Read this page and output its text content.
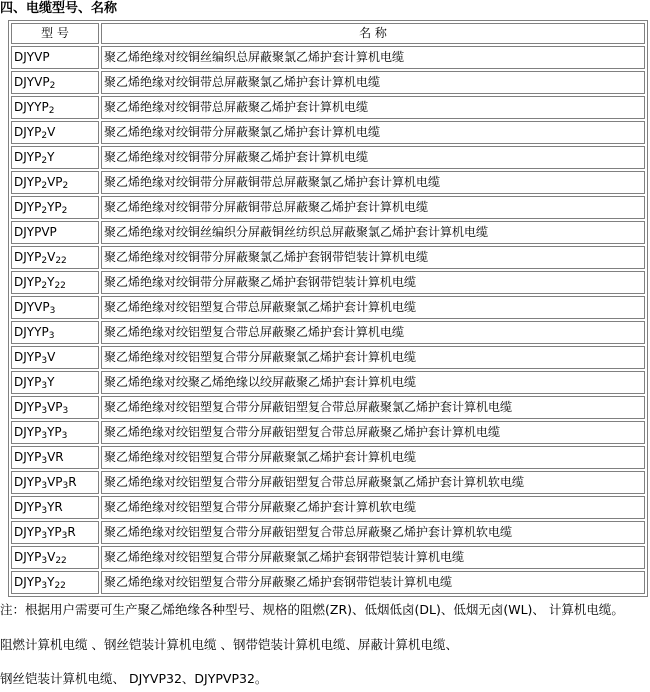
四、电缆型号、名称
型 号	名 称
DJYVP	聚乙烯绝缘对绞铜丝编织总屏蔽聚氯乙烯护套计算机电缆
$DJYVP_2$	聚乙烯绝缘对绞铜带总屏蔽聚氯乙烯护套计算机电缆
$DJYYP_2$	聚乙烯绝缘对绞铜带总屏蔽聚乙烯护套计算机电缆
$DJYP_2V$	聚乙烯绝缘对绞铜带分屏蔽聚氯乙烯护套计算机电缆
$DJYP_2Y$	聚乙烯绝缘对绞铜带分屏蔽聚乙烯护套计算机电缆
$DJYP_2VP_2$	聚乙烯绝缘对绞铜带分屏蔽铜带总屏蔽聚氯乙烯护套计算机电缆
$DJYP_2YP_2$	聚乙烯绝缘对绞铜带分屏蔽铜带总屏蔽聚乙烯护套计算机电缆
DJYPVP	聚乙烯绝缘对绞铜丝编织分屏蔽铜丝纺织总屏蔽聚氯乙烯护套计算机电缆
$DJYP_2V_{22}$	聚乙烯绝缘对绞铜带分屏蔽聚氯乙烯护套钢带铠装计算机电缆
$DJYP_2Y_{22}$	聚乙烯绝缘对绞铜带分屏蔽聚乙烯护套钢带铠装计算机电缆
$DJYVP_3$	聚乙烯绝缘对绞铝塑复合带总屏蔽聚氯乙烯护套计算机电缆
$DJYYP_3$	聚乙烯绝缘对绞铝塑复合带总屏蔽聚乙烯护套计算机电缆
$DJYP_3V$	聚乙烯绝缘对绞铝塑复合带分屏蔽聚氯乙烯护套计算机电缆
$DJYP_3Y$	聚乙烯绝缘对绞聚乙烯绝缘以绞屏蔽聚乙烯护套计算机电缆
$DJYP_3VP_3$	聚乙烯绝缘对绞铝塑复合带分屏蔽铝塑复合带总屏蔽聚氯乙烯护套计算机电缆
$DJYP_3YP_3$	聚乙烯绝缘对绞铝塑复合带分屏蔽铝塑复合带总屏蔽聚乙烯护套计算机电缆
$DJYP_3VR$	聚乙烯绝缘对绞铝塑复合带分屏蔽聚氯乙烯护套计算机电缆
$DJYP_3VP_3R$	聚乙烯绝缘对绞铝塑复合带分屏蔽铝塑复合带总屏蔽聚氯乙烯护套计算机软电缆
$DJYP_3YR$	聚乙烯绝缘对绞铝塑复合带分屏蔽聚乙烯护套计算机软电缆
$DJYP_3YP_3R$	聚乙烯绝缘对绞铝塑复合带分屏蔽铝塑复合带总屏蔽聚乙烯护套计算机软电缆
$DJYP_3V_{22}$	聚乙烯绝缘对绞铝塑复合带分屏蔽聚氯乙烯护套钢带铠装计算机电缆
$DJYP_3Y_{22}$	聚乙烯绝缘对绞铝塑复合带分屏蔽聚乙烯护套钢带铠装计算机电缆
注：根据用户需要可生产聚乙烯绝缘各种型号、规格的阻燃(ZR)、低烟低卤(DL)、低烟无卤(WL)、 计算机电缆。
阻燃计算机电缆 、钢丝铠装计算机电缆 、钢带铠装计算机电缆、屏蔽计算机电缆、
钢丝铠装计算机电缆、 DJYVP32、DJYPVP32。
